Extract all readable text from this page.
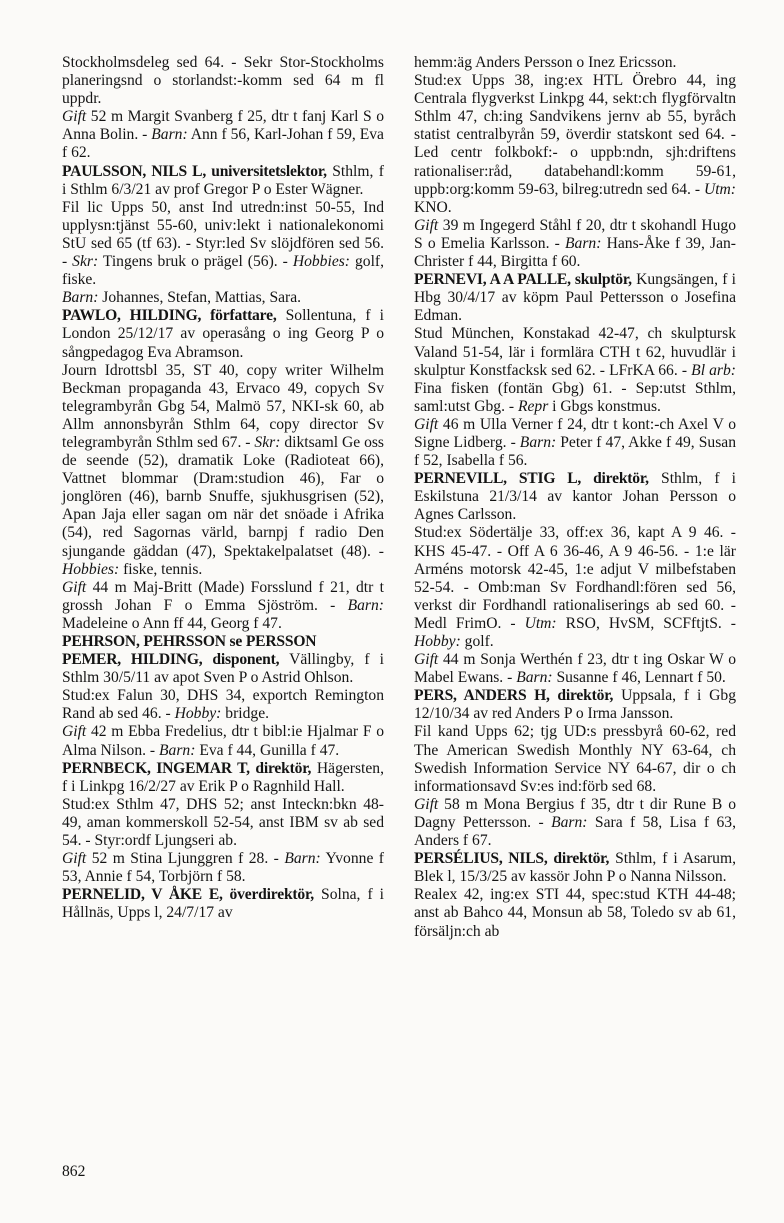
Stockholmsdeleg sed 64. - Sekr Stor-Stockholms planeringsnd o storlandst:-komm sed 64 m fl uppdr.

Gift 52 m Margit Svanberg f 25, dtr t fanj Karl S o Anna Bolin. - Barn: Ann f 56, Karl-Johan f 59, Eva f 62.

PAULSSON, NILS L, universitetslektor, Sthlm, f i Sthlm 6/3/21 av prof Gregor P o Ester Wägner.

Fil lic Upps 50, anst Ind utredn:inst 50-55, Ind upplysn:tjänst 55-60, univ:lekt i nationalekonomi StU sed 65 (tf 63). - Styr:led Sv slöjdfören sed 56. - Skr: Tingens bruk o prägel (56). - Hobbies: golf, fiske.

Barn: Johannes, Stefan, Mattias, Sara.

PAWLO, HILDING, författare, Sollentuna, f i London 25/12/17 av operasång o ing Georg P o sångpedagog Eva Abramson.

Journ Idrottsbl 35, ST 40, copy writer Wilhelm Beckman propaganda 43, Ervaco 49, copych Sv telegrambyrån Gbg 54, Malmö 57, NKI-sk 60, ab Allm annonsbyrån Sthlm 64, copy director Sv telegrambyrån Sthlm sed 67. - Skr: diktsaml Ge oss de seende (52), dramatik Loke (Radioteat 66), Vattnet blommar (Dram:studion 46), Far o jonglören (46), barnb Snuffe, sjukhusgrisen (52), Apan Jaja eller sagan om när det snöade i Afrika (54), red Sagornas värld, barnpj f radio Den sjungande gäddan (47), Spektakelpalatset (48). - Hobbies: fiske, tennis.

Gift 44 m Maj-Britt (Made) Forsslund f 21, dtr t grossh Johan F o Emma Sjöström. - Barn: Madeleine o Ann ff 44, Georg f 47.

PEHRSON, PEHRSSON se PERSSON

PEMER, HILDING, disponent, Vällingby, f i Sthlm 30/5/11 av apot Sven P o Astrid Ohlson.

Stud:ex Falun 30, DHS 34, exportch Remington Rand ab sed 46. - Hobby: bridge.

Gift 42 m Ebba Fredelius, dtr t bibl:ie Hjalmar F o Alma Nilson. - Barn: Eva f 44, Gunilla f 47.

PERNBECK, INGEMAR T, direktör, Hägersten, f i Linkpg 16/2/27 av Erik P o Ragnhild Hall.

Stud:ex Sthlm 47, DHS 52; anst Inteckn:bkn 48-49, aman kommerskoll 52-54, anst IBM sv ab sed 54. - Styr:ordf Ljungseri ab.

Gift 52 m Stina Ljunggren f 28. - Barn: Yvonne f 53, Annie f 54, Torbjörn f 58.

PERNELID, V ÅKE E, överdirektör, Solna, f i Hållnäs, Upps l, 24/7/17 av

hemm:äg Anders Persson o Inez Ericsson.

Stud:ex Upps 38, ing:ex HTL Örebro 44, ing Centrala flygverkst Linkpg 44, sekt:ch flygförvaltn Sthlm 47, ch:ing Sandvikens jernv ab 55, byråch statist centralbyrån 59, överdir statskont sed 64. - Led centr folkbokf:- o uppb:ndn, sjh:driftens rationaliser:råd, databehandl:komm 59-61, uppb:org:komm 59-63, bilreg:utredn sed 64. - Utm: KNO.

Gift 39 m Ingegerd Ståhl f 20, dtr t skohandl Hugo S o Emelia Karlsson. - Barn: Hans-Åke f 39, Jan-Christer f 44, Birgitta f 60.

PERNEVI, A A PALLE, skulptör, Kungsängen, f i Hbg 30/4/17 av köpm Paul Pettersson o Josefina Edman.

Stud München, Konstakad 42-47, ch skulptursk Valand 51-54, lär i formlära CTH t 62, huvudlär i skulptur Konstfacksk sed 62. - LFrKA 66. - Bl arb: Fina fisken (fontän Gbg) 61. - Sep:utst Sthlm, saml:utst Gbg. - Repr i Gbgs konstmus.

Gift 46 m Ulla Verner f 24, dtr t kont:-ch Axel V o Signe Lidberg. - Barn: Peter f 47, Akke f 49, Susan f 52, Isabella f 56.

PERNEVILL, STIG L, direktör, Sthlm, f i Eskilstuna 21/3/14 av kantor Johan Persson o Agnes Carlsson.

Stud:ex Södertälje 33, off:ex 36, kapt A 9 46. - KHS 45-47. - Off A 6 36-46, A 9 46-56. - 1:e lär Arméns motorsk 42-45, 1:e adjut V milbefstaben 52-54. - Omb:man Sv Fordhandl:fören sed 56, verkst dir Fordhandl rationaliserings ab sed 60. - Medl FrimO. - Utm: RSO, HvSM, SCFftjtS. - Hobby: golf.

Gift 44 m Sonja Werthén f 23, dtr t ing Oskar W o Mabel Ewans. - Barn: Susanne f 46, Lennart f 50.

PERS, ANDERS H, direktör, Uppsala, f i Gbg 12/10/34 av red Anders P o Irma Jansson.

Fil kand Upps 62; tjg UD:s pressbyrå 60-62, red The American Swedish Monthly NY 63-64, ch Swedish Information Service NY 64-67, dir o ch informationsavd Sv:es ind:förb sed 68.

Gift 58 m Mona Bergius f 35, dtr t dir Rune B o Dagny Pettersson. - Barn: Sara f 58, Lisa f 63, Anders f 67.

PERSÉLIUS, NILS, direktör, Sthlm, f i Asarum, Blek l, 15/3/25 av kassör John P o Nanna Nilsson.

Realex 42, ing:ex STI 44, spec:stud KTH 44-48; anst ab Bahco 44, Monsun ab 58, Toledo sv ab 61, försäljn:ch ab

862
